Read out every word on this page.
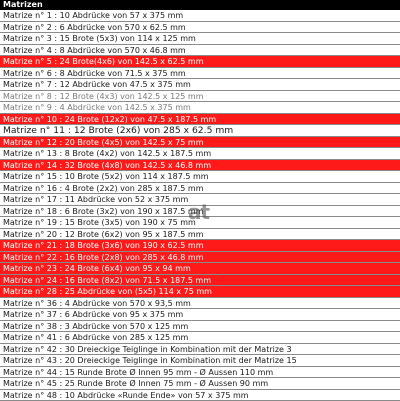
Matrizen
Matrize n° 1 : 10 Abdrücke von 57 x 375 mm
Matrize n° 2 : 6 Abdrücke von 570 x 62.5 mm
Matrize n° 3 : 15 Brote (5x3) von 114 x 125 mm
Matrize n° 4 : 8 Abdrücke von 570 x 46.8 mm
Matrize n° 5 : 24 Brote(4x6) von 142.5 x 62.5 mm
Matrize n° 6 : 8 Abdrücke von 71.5 x 375 mm
Matrize n° 7 : 12 Abdrücke von 47.5 x 375 mm
Matrize n° 8 : 12 Brote (4x3) von 142.5 x 125 mm
Matrize n° 9 : 4 Abdrücke von 142.5 x 375 mm
Matrize n° 10 : 24 Brote (12x2) von 47.5 x 187.5 mm
Matrize n° 11 : 12 Brote (2x6) von 285 x 62.5 mm
Matrize n° 12 : 20 Brote (4x5) von 142.5 x 75 mm
Matrize n° 13 : 8 Brote (4x2) von 142.5 x 187.5 mm
Matrize n° 14 : 32 Brote (4x8) von 142.5 x 46.8 mm
Matrize n° 15 : 10 Brote (5x2) von 114 x 187.5 mm
Matrize n° 16 : 4 Brote (2x2) von 285 x 187.5 mm
Matrize n° 17 : 11 Abdrücke von 52 x 375 mm
Matrize n° 18 : 6 Brote (3x2) von 190 x 187.5 mm
Matrize n° 19 : 15 Brote (3x5) von 190 x 75 mm
Matrize n° 20 : 12 Brote (6x2) von 95 x 187.5 mm
Matrize n° 21 : 18 Brote (3x6) von 190 x 62.5 mm
Matrize n° 22 : 16 Brote (2x8) von 285 x 46.8 mm
Matrize n° 23 : 24 Brote (6x4) von 95 x 94 mm
Matrize n° 24 : 16 Brote (8x2) von 71.5 x 187.5 mm
Matrize n° 28 : 25 Abdrücke von (5x5) 114 x 75 mm
Matrize n° 36 : 4 Abdrücke von 570 x 93,5 mm
Matrize n° 37 : 6 Abdrücke von 95 x 375 mm
Matrize n° 38 : 3 Abdrücke von 570 x 125 mm
Matrize n° 41 : 6 Abdrücke von 285 x 125 mm
Matrize n° 42 : 30 Dreieckige Teiglinge in Kombination mit der Matrize 3
Matrize n° 43 : 20 Dreieckige Teiglinge in Kombination mit der Matrize 15
Matrize n° 44 : 15 Runde Brote Ø Innen 95 mm - Ø Aussen 110 mm
Matrize n° 45 : 25 Runde Brote Ø Innen 75 mm - Ø Aussen 90 mm
Matrize n° 48 : 10 Abdrücke «Runde Ende» von 57 x 375 mm
at
